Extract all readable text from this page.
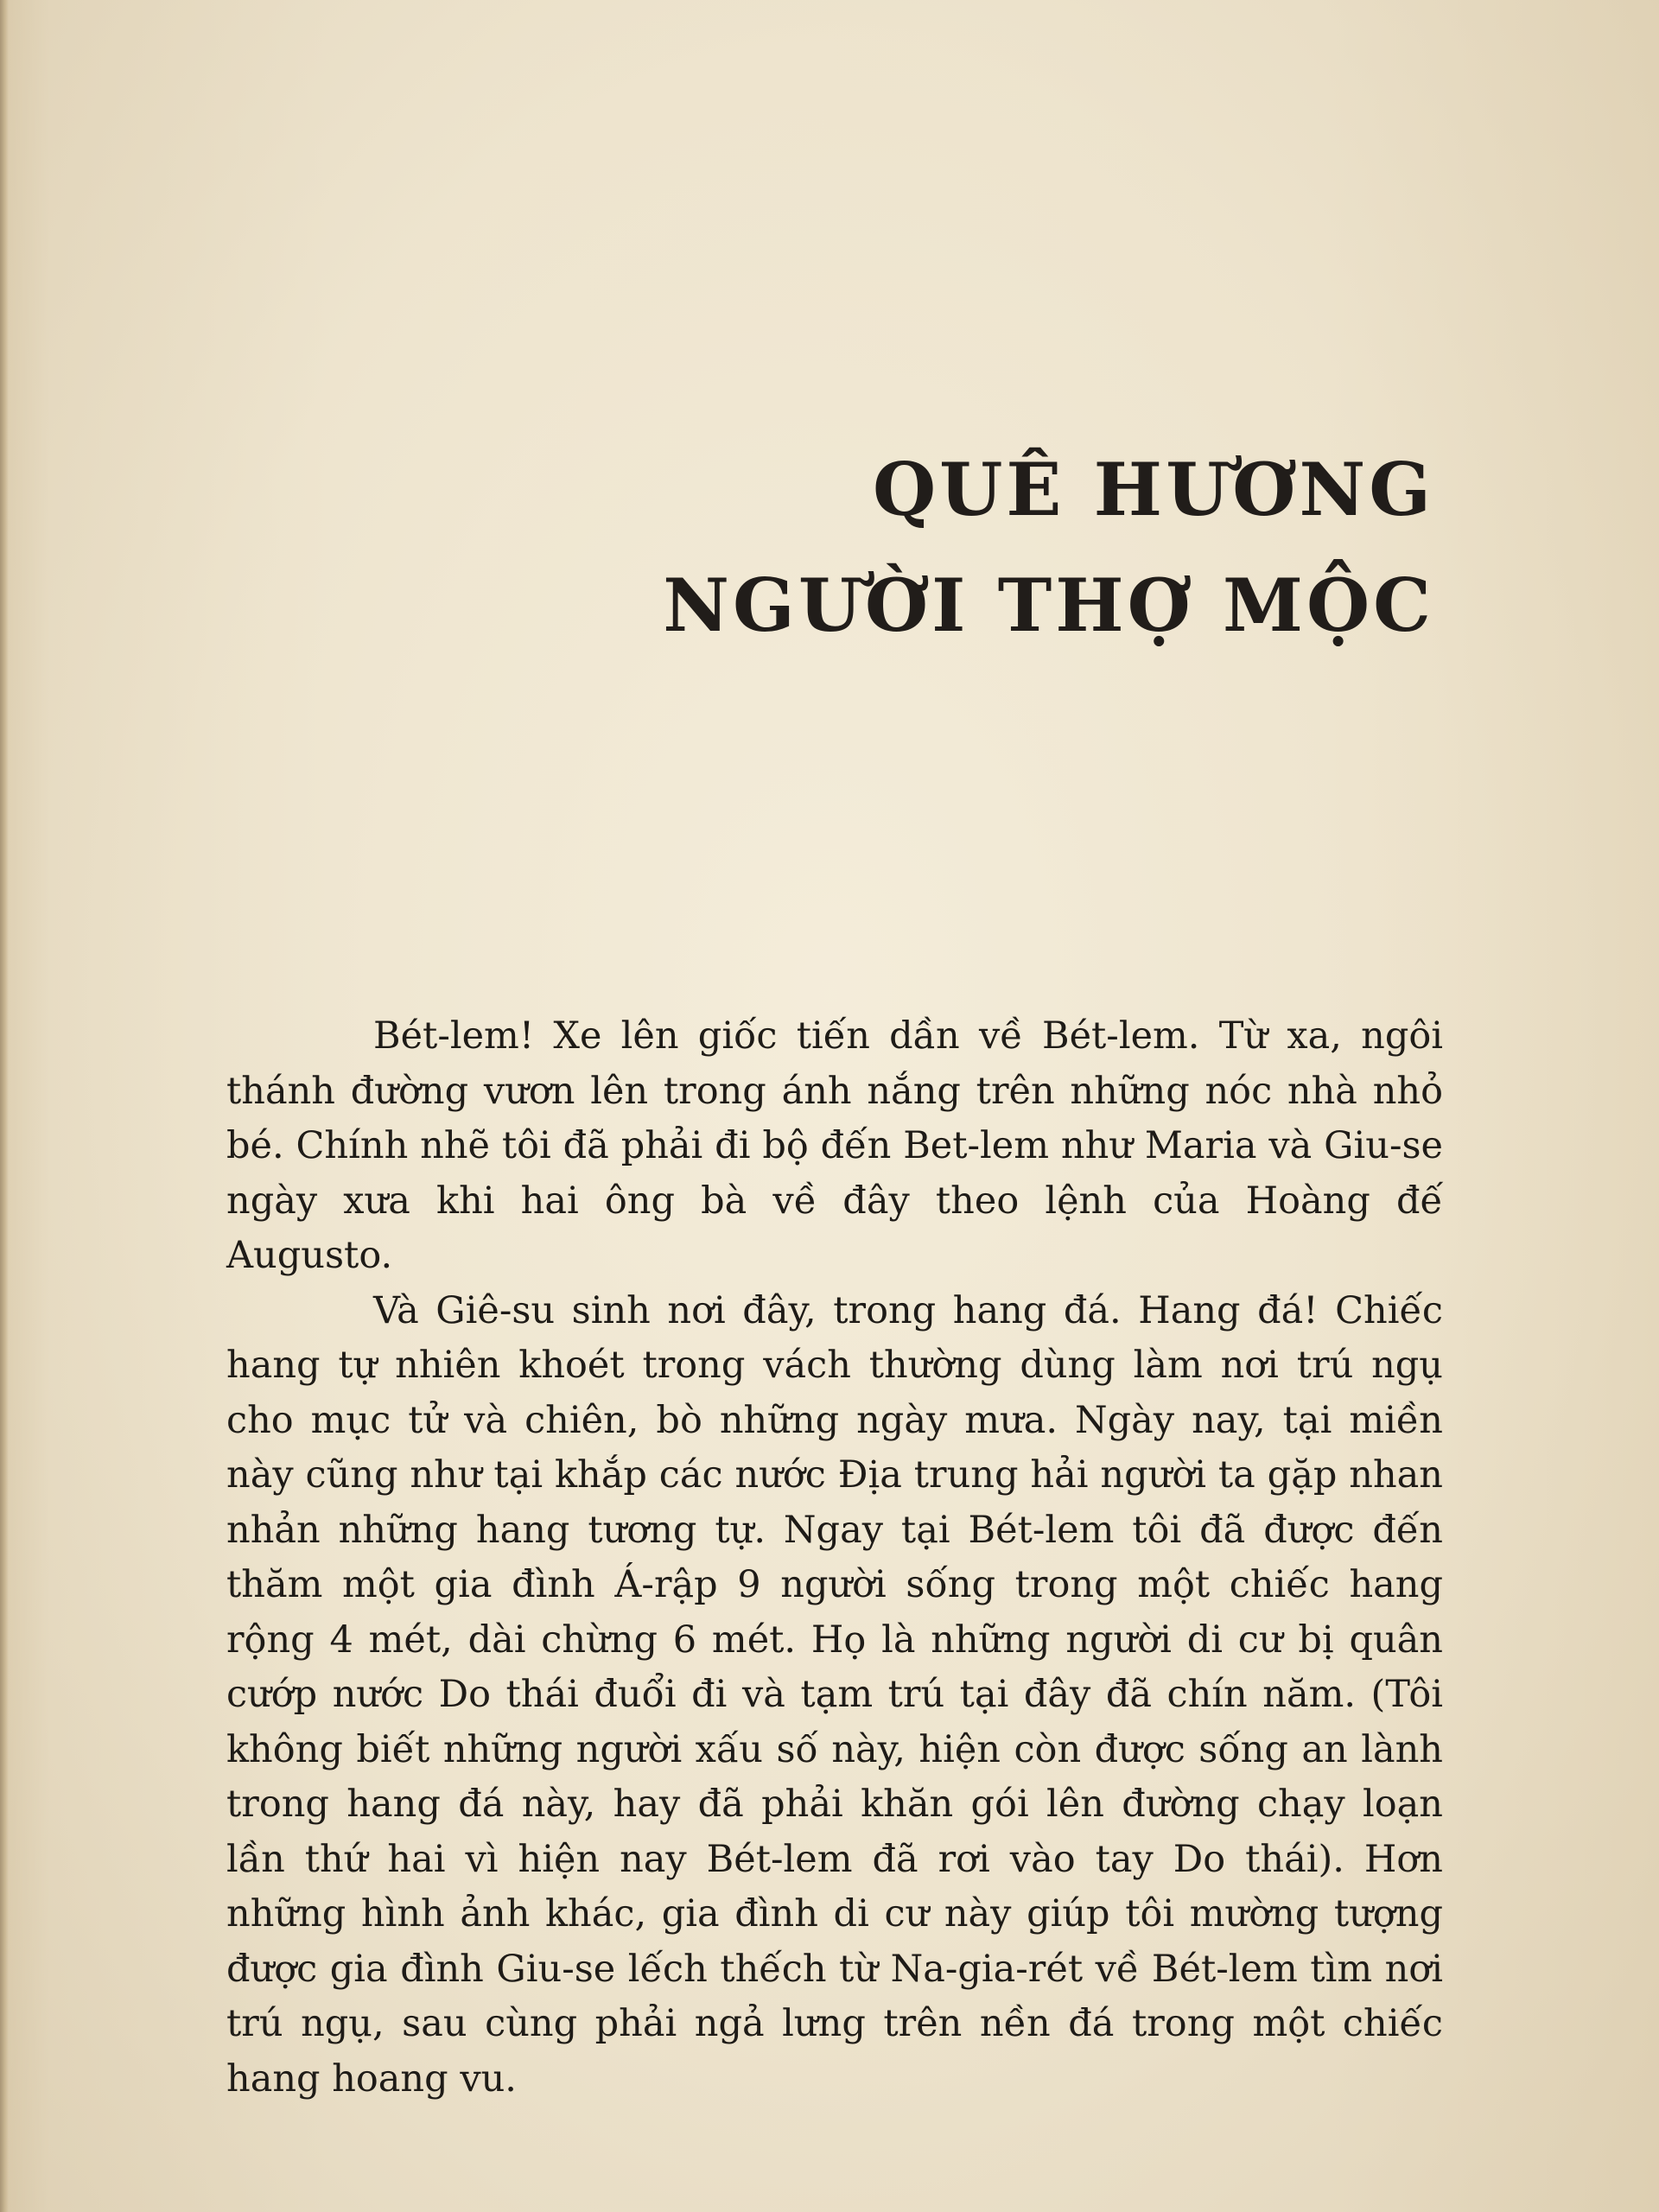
QUÊ HƯƠNG
NGƯỜI THỢ MỘC

Bét-lem! Xe lên giốc tiến dần về Bét-lem. Từ xa, ngôi thánh đường vươn lên trong ánh nắng trên những nóc nhà nhỏ bé. Chính nhẽ tôi đã phải đi bộ đến Bet-lem như Maria và Giu-se ngày xưa khi hai ông bà về đây theo lệnh của Hoàng đế Augusto.

Và Giê-su sinh nơi đây, trong hang đá. Hang đá! Chiếc hang tự nhiên khoét trong vách thường dùng làm nơi trú ngụ cho mục tử và chiên, bò những ngày mưa. Ngày nay, tại miền này cũng như tại khắp các nước Địa trung hải người ta gặp nhan nhản những hang tương tự. Ngay tại Bét-lem tôi đã được đến thăm một gia đình Á-rập 9 người sống trong một chiếc hang rộng 4 mét, dài chừng 6 mét. Họ là những người di cư bị quân cướp nước Do thái đuổi đi và tạm trú tại đây đã chín năm. (Tôi không biết những người xấu số này, hiện còn được sống an lành trong hang đá này, hay đã phải khăn gói lên đường chạy loạn lần thứ hai vì hiện nay Bét-lem đã rơi vào tay Do thái). Hơn những hình ảnh khác, gia đình di cư này giúp tôi mường tượng được gia đình Giu-se lếch thếch từ Na-gia-rét về Bét-lem tìm nơi trú ngụ, sau cùng phải ngả lưng trên nền đá trong một chiếc hang hoang vu.
